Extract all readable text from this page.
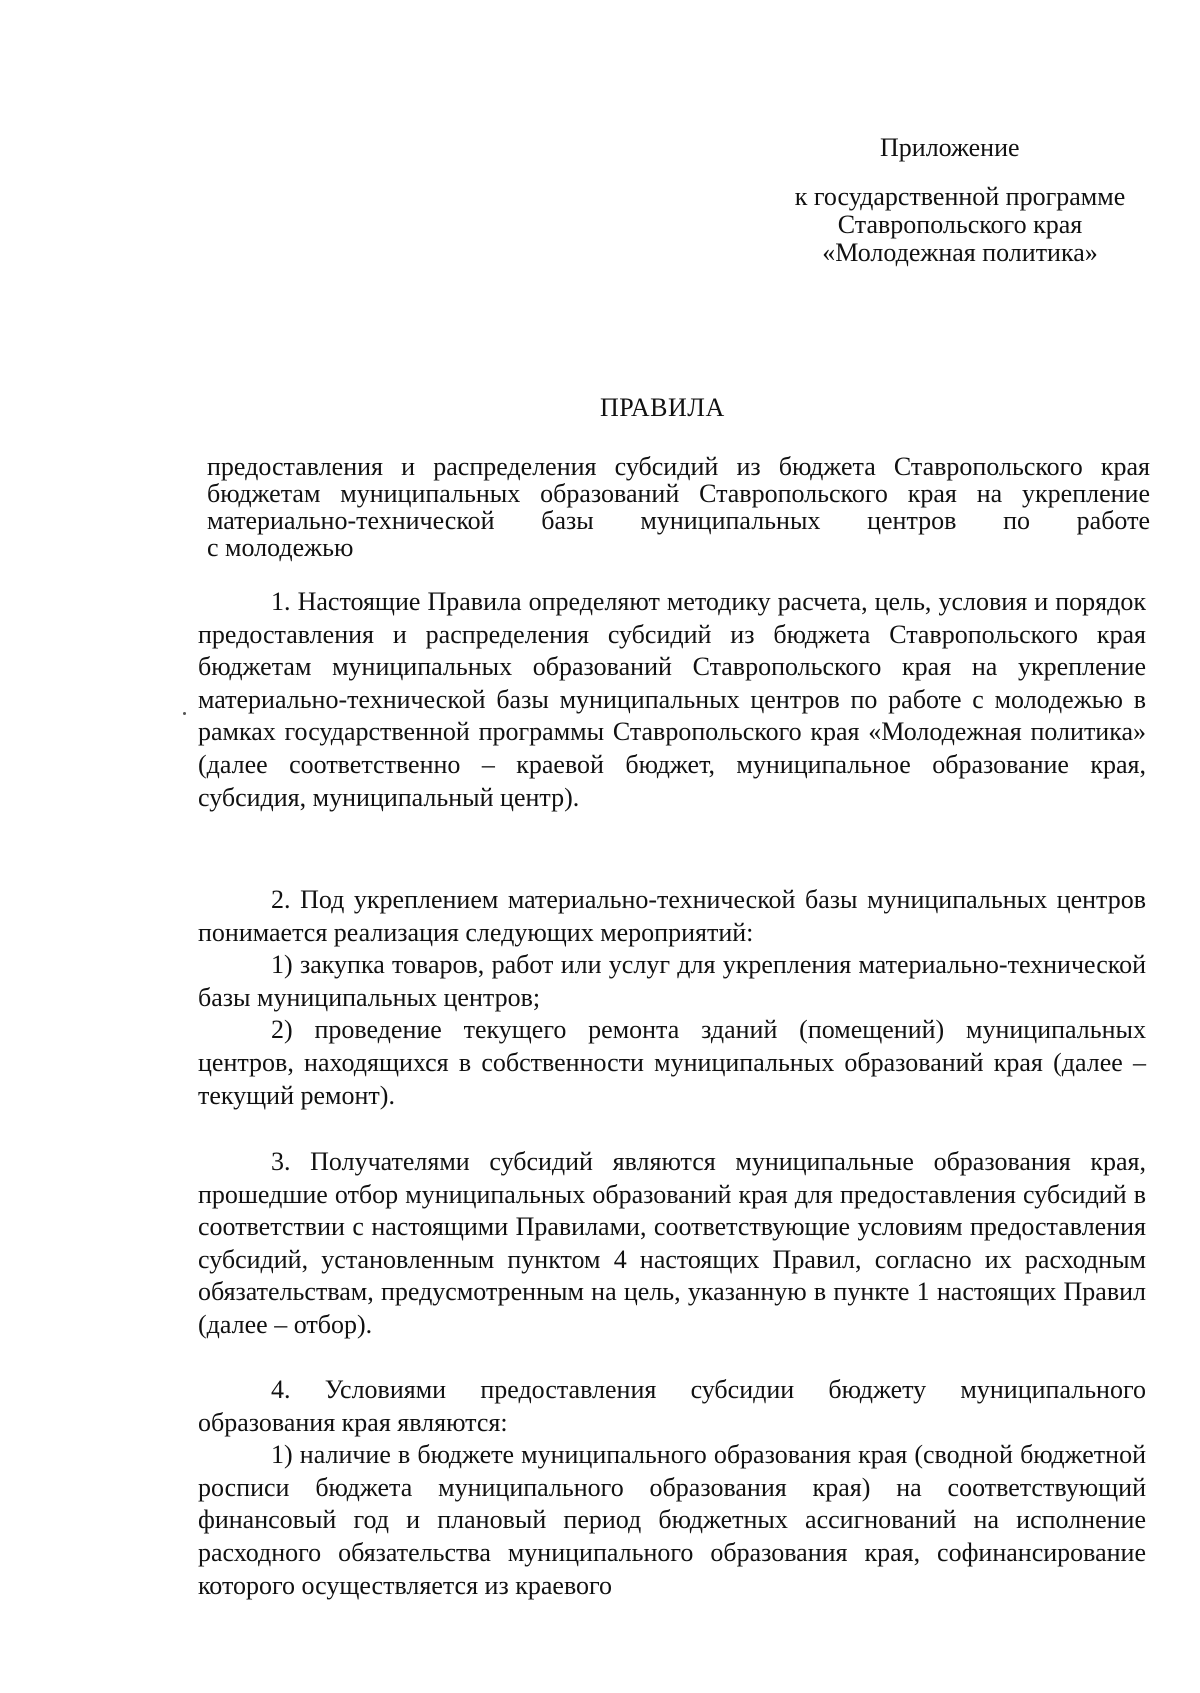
Приложение
к государственной программе
Ставропольского края
«Молодежная политика»
ПРАВИЛА
предоставления и распределения субсидий из бюджета Ставропольского края
бюджетам муниципальных образований Ставропольского края на укрепление
материально-технической базы муниципальных центров по работе
с молодежью

1. Настоящие Правила определяют методику расчета, цель, условия и порядок предоставления и распределения субсидий из бюджета Ставропольского края бюджетам муниципальных образований Ставропольского края на укрепление материально-технической базы муниципальных центров по работе с молодежью в рамках государственной программы Ставропольского края «Молодежная политика» (далее соответственно – краевой бюджет, муниципальное образование края, субсидия, муниципальный центр).

2. Под укреплением материально-технической базы муниципальных центров понимается реализация следующих мероприятий:

1) закупка товаров, работ или услуг для укрепления материально-технической базы муниципальных центров;

2) проведение текущего ремонта зданий (помещений) муниципальных центров, находящихся в собственности муниципальных образований края (далее – текущий ремонт).

3. Получателями субсидий являются муниципальные образования края, прошедшие отбор муниципальных образований края для предоставления субсидий в соответствии с настоящими Правилами, соответствующие условиям предоставления субсидий, установленным пунктом 4 настоящих Правил, согласно их расходным обязательствам, предусмотренным на цель, указанную в пункте 1 настоящих Правил (далее – отбор).

4. Условиями предоставления субсидии бюджету муниципального образования края являются:

1) наличие в бюджете муниципального образования края (сводной бюджетной росписи бюджета муниципального образования края) на соответствующий финансовый год и плановый период бюджетных ассигнований на исполнение расходного обязательства муниципального образования края, софинансирование которого осуществляется из краевого
